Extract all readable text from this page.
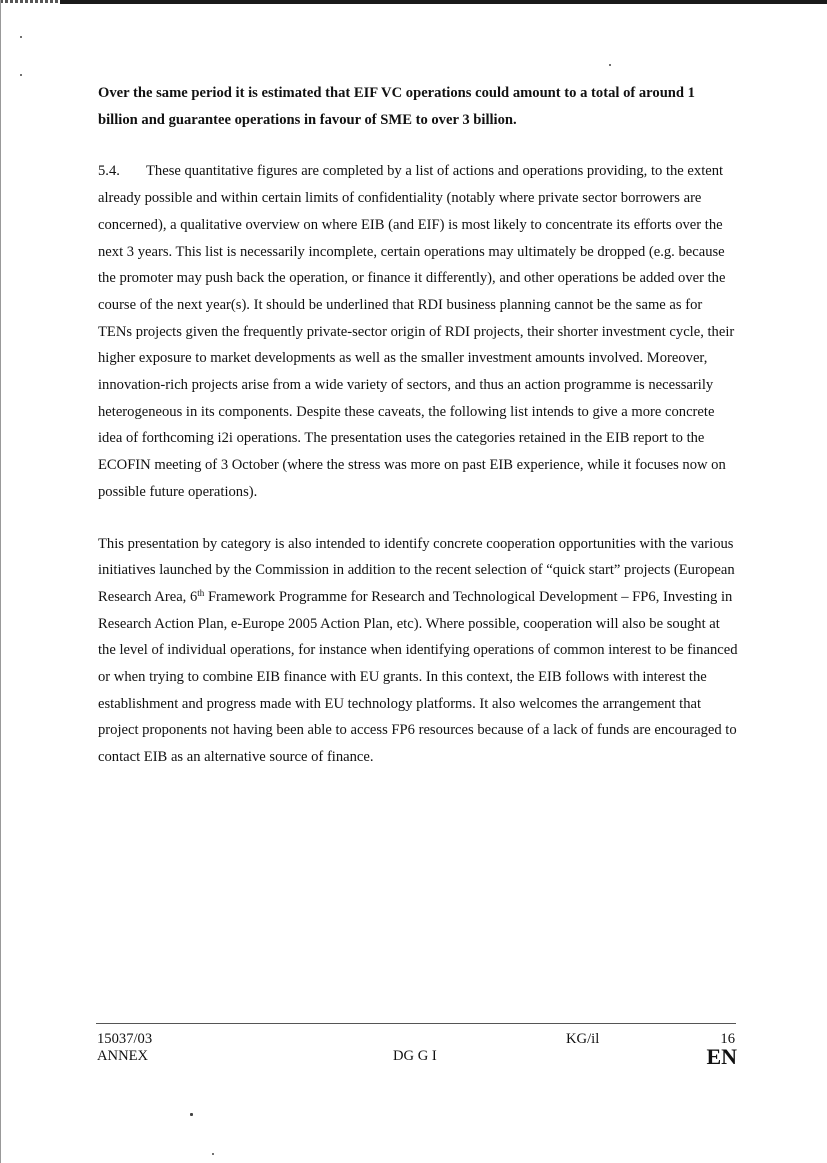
Over the same period it is estimated that EIF VC operations could amount to a total of around 1 billion and guarantee operations in favour of SME to over 3 billion.

5.4. These quantitative figures are completed by a list of actions and operations providing, to the extent already possible and within certain limits of confidentiality (notably where private sector borrowers are concerned), a qualitative overview on where EIB (and EIF) is most likely to concentrate its efforts over the next 3 years. This list is necessarily incomplete, certain operations may ultimately be dropped (e.g. because the promoter may push back the operation, or finance it differently), and other operations be added over the course of the next year(s). It should be underlined that RDI business planning cannot be the same as for TENs projects given the frequently private-sector origin of RDI projects, their shorter investment cycle, their higher exposure to market developments as well as the smaller investment amounts involved. Moreover, innovation-rich projects arise from a wide variety of sectors, and thus an action programme is necessarily heterogeneous in its components. Despite these caveats, the following list intends to give a more concrete idea of forthcoming i2i operations. The presentation uses the categories retained in the EIB report to the ECOFIN meeting of 3 October (where the stress was more on past EIB experience, while it focuses now on possible future operations).

This presentation by category is also intended to identify concrete cooperation opportunities with the various initiatives launched by the Commission in addition to the recent selection of “quick start” projects (European Research Area, 6th Framework Programme for Research and Technological Development – FP6, Investing in Research Action Plan, e-Europe 2005 Action Plan, etc). Where possible, cooperation will also be sought at the level of individual operations, for instance when identifying operations of common interest to be financed or when trying to combine EIB finance with EU grants. In this context, the EIB follows with interest the establishment and progress made with EU technology platforms. It also welcomes the arrangement that project proponents not having been able to access FP6 resources because of a lack of funds are encouraged to contact EIB as an alternative source of finance.

15037/03
ANNEX	DG G I
KG/il	16
EN
